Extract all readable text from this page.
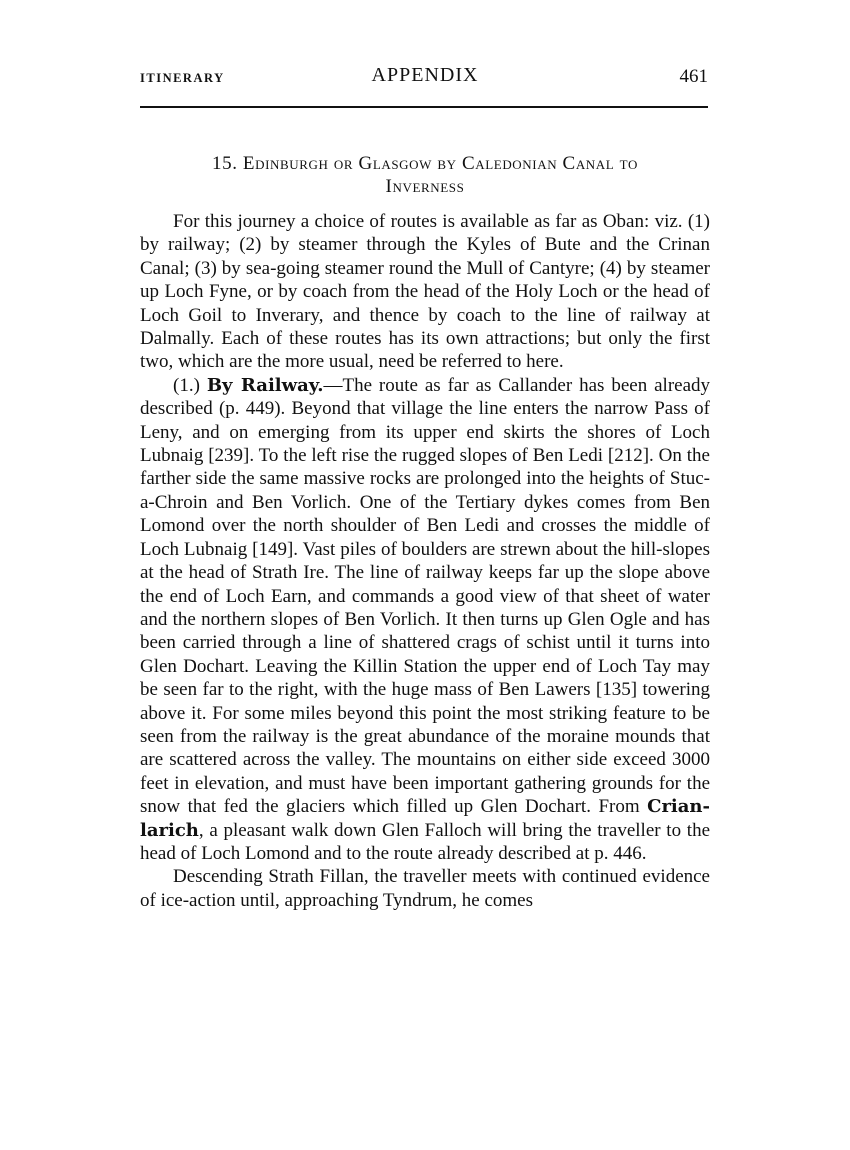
ITINERARY	APPENDIX	461
15. Edinburgh or Glasgow by Caledonian Canal to
Inverness

For this journey a choice of routes is available as far as Oban: viz. (1) by railway; (2) by steamer through the Kyles of Bute and the Crinan Canal; (3) by sea-going steamer round the Mull of Cantyre; (4) by steamer up Loch Fyne, or by coach from the head of the Holy Loch or the head of Loch Goil to Inverary, and thence by coach to the line of railway at Dalmally. Each of these routes has its own attractions; but only the first two, which are the more usual, need be referred to here.

(1.) By Railway.—The route as far as Callander has been already described (p. 449). Beyond that village the line enters the narrow Pass of Leny, and on emerging from its upper end skirts the shores of Loch Lubnaig [239]. To the left rise the rugged slopes of Ben Ledi [212]. On the farther side the same massive rocks are prolonged into the heights of Stuc-a-Chroin and Ben Vorlich. One of the Tertiary dykes comes from Ben Lomond over the north shoulder of Ben Ledi and crosses the middle of Loch Lubnaig [149]. Vast piles of boulders are strewn about the hill-slopes at the head of Strath Ire. The line of railway keeps far up the slope above the end of Loch Earn, and commands a good view of that sheet of water and the northern slopes of Ben Vorlich. It then turns up Glen Ogle and has been carried through a line of shattered crags of schist until it turns into Glen Dochart. Leaving the Killin Station the upper end of Loch Tay may be seen far to the right, with the huge mass of Ben Lawers [135] towering above it. For some miles beyond this point the most striking feature to be seen from the railway is the great abundance of the moraine mounds that are scattered across the valley. The mountains on either side exceed 3000 feet in elevation, and must have been important gathering grounds for the snow that fed the glaciers which filled up Glen Dochart. From Crian-larich, a pleasant walk down Glen Falloch will bring the traveller to the head of Loch Lomond and to the route already described at p. 446.

Descending Strath Fillan, the traveller meets with continued evidence of ice-action until, approaching Tyndrum, he comes
